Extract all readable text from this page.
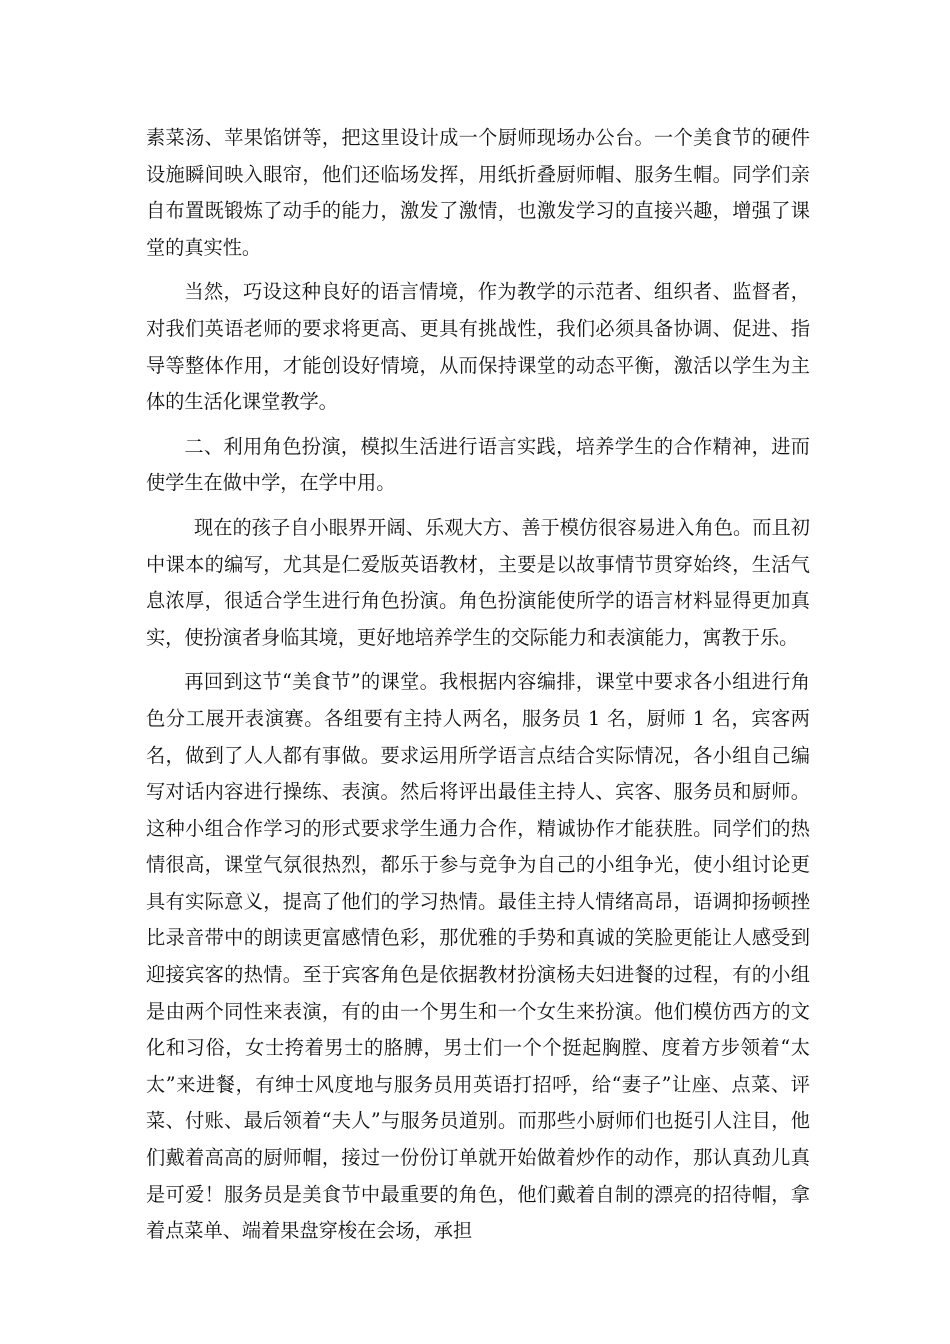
素菜汤、苹果馅饼等，把这里设计成一个厨师现场办公台。一个美食节的硬件设施瞬间映入眼帘，他们还临场发挥，用纸折叠厨师帽、服务生帽。同学们亲自布置既锻炼了动手的能力，激发了激情，也激发学习的直接兴趣，增强了课堂的真实性。

当然，巧设这种良好的语言情境，作为教学的示范者、组织者、监督者，对我们英语老师的要求将更高、更具有挑战性，我们必须具备协调、促进、指导等整体作用，才能创设好情境，从而保持课堂的动态平衡，激活以学生为主体的生活化课堂教学。

二、利用角色扮演，模拟生活进行语言实践，培养学生的合作精神，进而使学生在做中学，在学中用。

现在的孩子自小眼界开阔、乐观大方、善于模仿很容易进入角色。而且初中课本的编写，尤其是仁爱版英语教材，主要是以故事情节贯穿始终，生活气息浓厚，很适合学生进行角色扮演。角色扮演能使所学的语言材料显得更加真实，使扮演者身临其境，更好地培养学生的交际能力和表演能力，寓教于乐。

再回到这节“美食节”的课堂。我根据内容编排，课堂中要求各小组进行角色分工展开表演赛。各组要有主持人两名，服务员 1 名，厨师 1 名，宾客两名，做到了人人都有事做。要求运用所学语言点结合实际情况，各小组自己编写对话内容进行操练、表演。然后将评出最佳主持人、宾客、服务员和厨师。这种小组合作学习的形式要求学生通力合作，精诚协作才能获胜。同学们的热情很高，课堂气氛很热烈，都乐于参与竞争为自己的小组争光，使小组讨论更具有实际意义，提高了他们的学习热情。最佳主持人情绪高昂，语调抑扬顿挫比录音带中的朗读更富感情色彩，那优雅的手势和真诚的笑脸更能让人感受到迎接宾客的热情。至于宾客角色是依据教材扮演杨夫妇进餐的过程，有的小组是由两个同性来表演，有的由一个男生和一个女生来扮演。他们模仿西方的文化和习俗，女士挎着男士的胳膊，男士们一个个挺起胸膛、度着方步领着“太太”来进餐，有绅士风度地与服务员用英语打招呼，给“妻子”让座、点菜、评菜、付账、最后领着“夫人”与服务员道别。而那些小厨师们也挺引人注目，他们戴着高高的厨师帽，接过一份份订单就开始做着炒作的动作，那认真劲儿真是可爱！服务员是美食节中最重要的角色，他们戴着自制的漂亮的招待帽，拿着点菜单、端着果盘穿梭在会场，承担
